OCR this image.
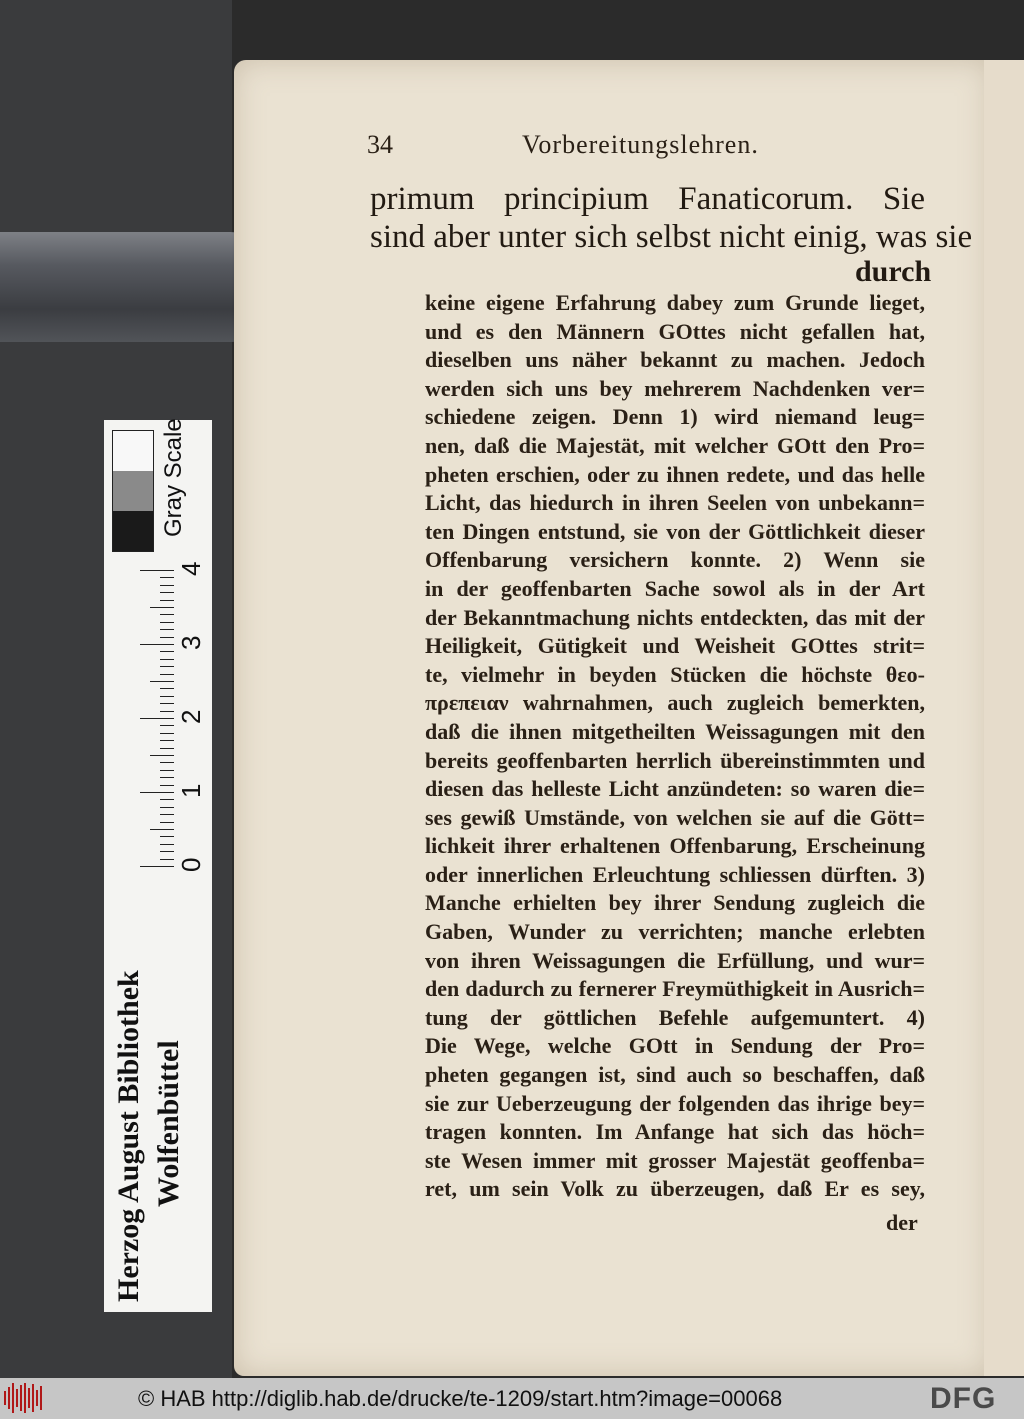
34	Vorbereitungslehren.
primum principium Fanaticorum. Sie
sind aber unter sich selbst nicht einig, was sie
durch
keine eigene Erfahrung dabey zum Grunde lieget,
und es den Männern GOttes nicht gefallen hat,
dieselben uns näher bekannt zu machen. Jedoch
werden sich uns bey mehrerem Nachdenken ver=
schiedene zeigen. Denn 1) wird niemand leug=
nen, daß die Majestät, mit welcher GOtt den Pro=
pheten erschien, oder zu ihnen redete, und das helle
Licht, das hiedurch in ihren Seelen von unbekann=
ten Dingen entstund, sie von der Göttlichkeit dieser
Offenbarung versichern konnte. 2) Wenn sie
in der geoffenbarten Sache sowol als in der Art
der Bekanntmachung nichts entdeckten, das mit der
Heiligkeit, Gütigkeit und Weisheit GOttes strit=
te, vielmehr in beyden Stücken die höchste θεο-
πρεπειαν wahrnahmen, auch zugleich bemerkten,
daß die ihnen mitgetheilten Weissagungen mit den
bereits geoffenbarten herrlich übereinstimmten und
diesen das helleste Licht anzündeten: so waren die=
ses gewiß Umstände, von welchen sie auf die Gött=
lichkeit ihrer erhaltenen Offenbarung, Erscheinung
oder innerlichen Erleuchtung schliessen dürften. 3)
Manche erhielten bey ihrer Sendung zugleich die
Gaben, Wunder zu verrichten; manche erlebten
von ihren Weissagungen die Erfüllung, und wur=
den dadurch zu fernerer Freymüthigkeit in Ausrich=
tung der göttlichen Befehle aufgemuntert. 4)
Die Wege, welche GOtt in Sendung der Pro=
pheten gegangen ist, sind auch so beschaffen, daß
sie zur Ueberzeugung der folgenden das ihrige bey=
tragen konnten. Im Anfange hat sich das höch=
ste Wesen immer mit grosser Majestät geoffenba=
ret, um sein Volk zu überzeugen, daß Er es sey,
der
Herzog August Bibliothek Wolfenbüttel
0
1
2
3
4
Gray Scale
© HAB http://diglib.hab.de/drucke/te-1209/start.htm?image=00068	DFG
